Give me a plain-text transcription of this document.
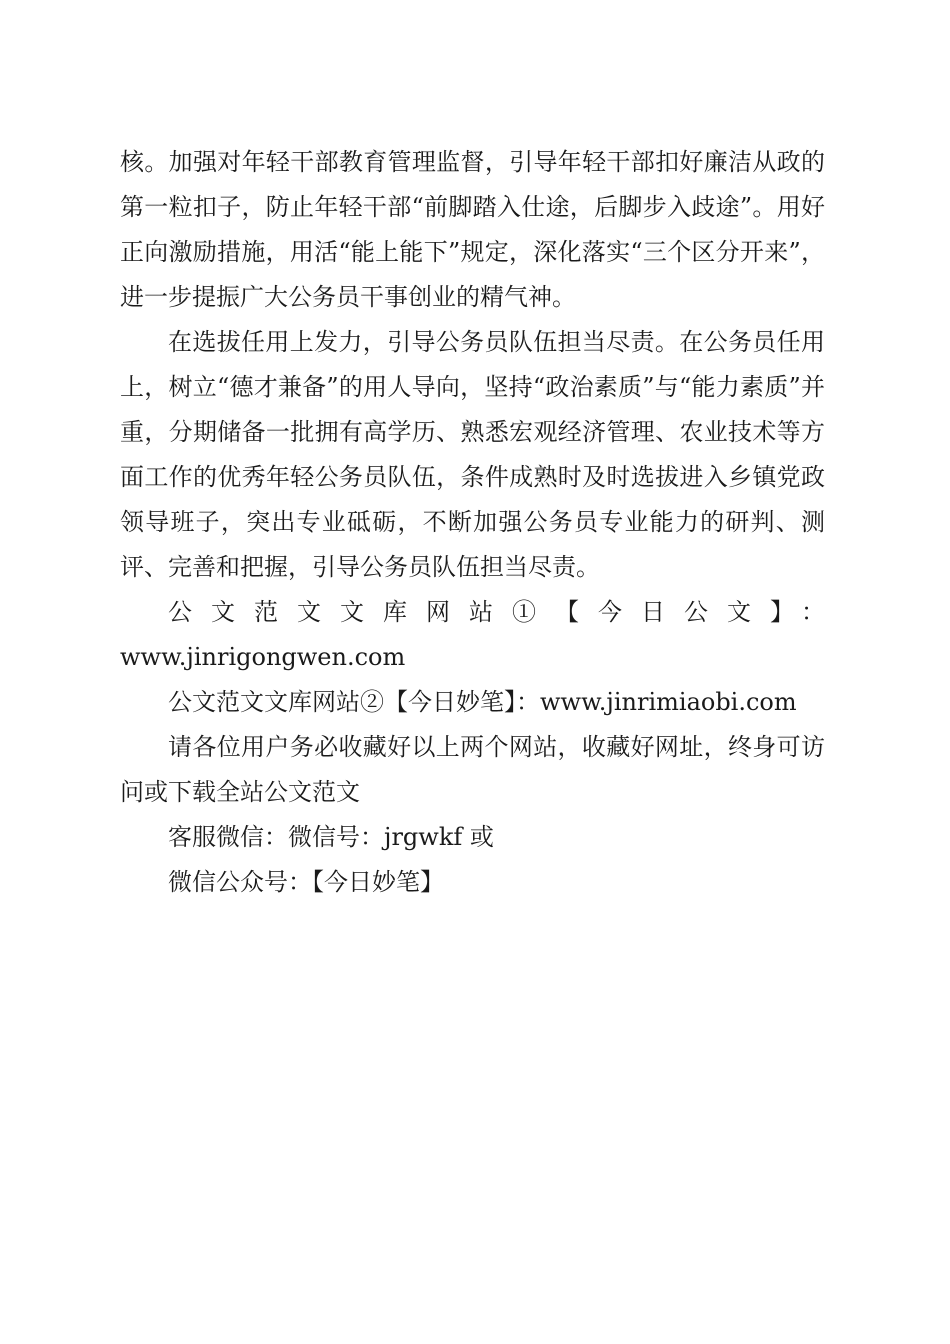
核。加强对年轻干部教育管理监督，引导年轻干部扣好廉洁从政的第一粒扣子，防止年轻干部“前脚踏入仕途，后脚步入歧途”。用好正向激励措施，用活“能上能下”规定，深化落实“三个区分开来”，进一步提振广大公务员干事创业的精气神。

在选拔任用上发力，引导公务员队伍担当尽责。在公务员任用上，树立“德才兼备”的用人导向，坚持“政治素质”与“能力素质”并重，分期储备一批拥有高学历、熟悉宏观经济管理、农业技术等方面工作的优秀年轻公务员队伍，条件成熟时及时选拔进入乡镇党政领导班子，突出专业砥砺，不断加强公务员专业能力的研判、测评、完善和把握，引导公务员队伍担当尽责。

公文范文文库网站①【今日公文】：

www.jinrigongwen.com

公文范文文库网站②【今日妙笔】：www.jinrimiaobi.com

请各位用户务必收藏好以上两个网站，收藏好网址，终身可访问或下载全站公文范文

客服微信：微信号：jrgwkf 或

微信公众号：【今日妙笔】
